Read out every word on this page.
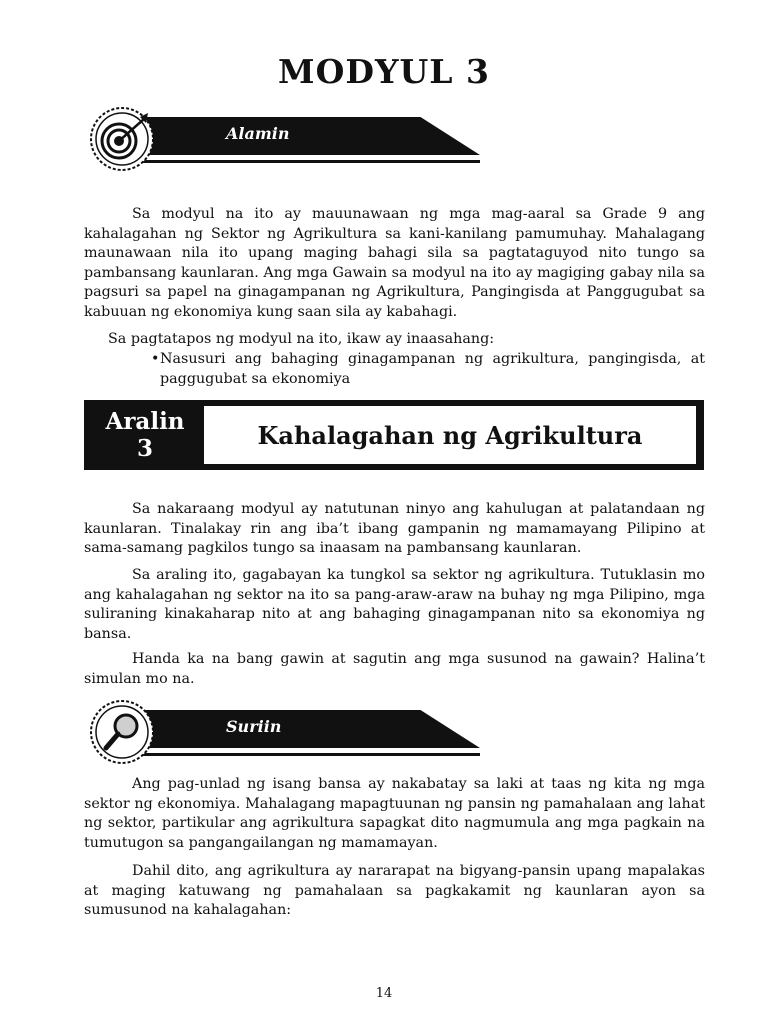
MODYUL 3
Alamin

Sa modyul na ito ay mauunawaan ng mga mag-aaral sa Grade 9 ang kahalagahan ng Sektor ng Agrikultura sa kani-kanilang pamumuhay. Mahalagang maunawaan nila ito upang maging bahagi sila sa pagtataguyod nito tungo sa pambansang kaunlaran. Ang mga Gawain sa modyul na ito ay magiging gabay nila sa pagsuri sa papel na ginagampanan ng Agrikultura, Pangingisda at Panggugubat sa kabuuan ng ekonomiya kung saan sila ay kabahagi.

Sa pagtatapos ng modyul na ito, ikaw ay inaasahang:
• Nasusuri ang bahaging ginagampanan ng agrikultura, pangingisda, at paggugubat sa ekonomiya
Aralin
3	Kahalagahan ng Agrikultura

Sa nakaraang modyul ay natutunan ninyo ang kahulugan at palatandaan ng kaunlaran. Tinalakay rin ang iba’t ibang gampanin ng mamamayang Pilipino at sama-samang pagkilos tungo sa inaasam na pambansang kaunlaran.

Sa araling ito, gagabayan ka tungkol sa sektor ng agrikultura. Tutuklasin mo ang kahalagahan ng sektor na ito sa pang-araw-araw na buhay ng mga Pilipino, mga suliraning kinakaharap nito at ang bahaging ginagampanan nito sa ekonomiya ng bansa.

Handa ka na bang gawin at sagutin ang mga susunod na gawain? Halina’t simulan mo na.

Suriin

Ang pag-unlad ng isang bansa ay nakabatay sa laki at taas ng kita ng mga sektor ng ekonomiya. Mahalagang mapagtuunan ng pansin ng pamahalaan ang lahat ng sektor, partikular ang agrikultura sapagkat dito nagmumula ang mga pagkain na tumutugon sa pangangailangan ng mamamayan.

Dahil dito, ang agrikultura ay nararapat na bigyang-pansin upang mapalakas at maging katuwang ng pamahalaan sa pagkakamit ng kaunlaran ayon sa sumusunod na kahalagahan:

14
